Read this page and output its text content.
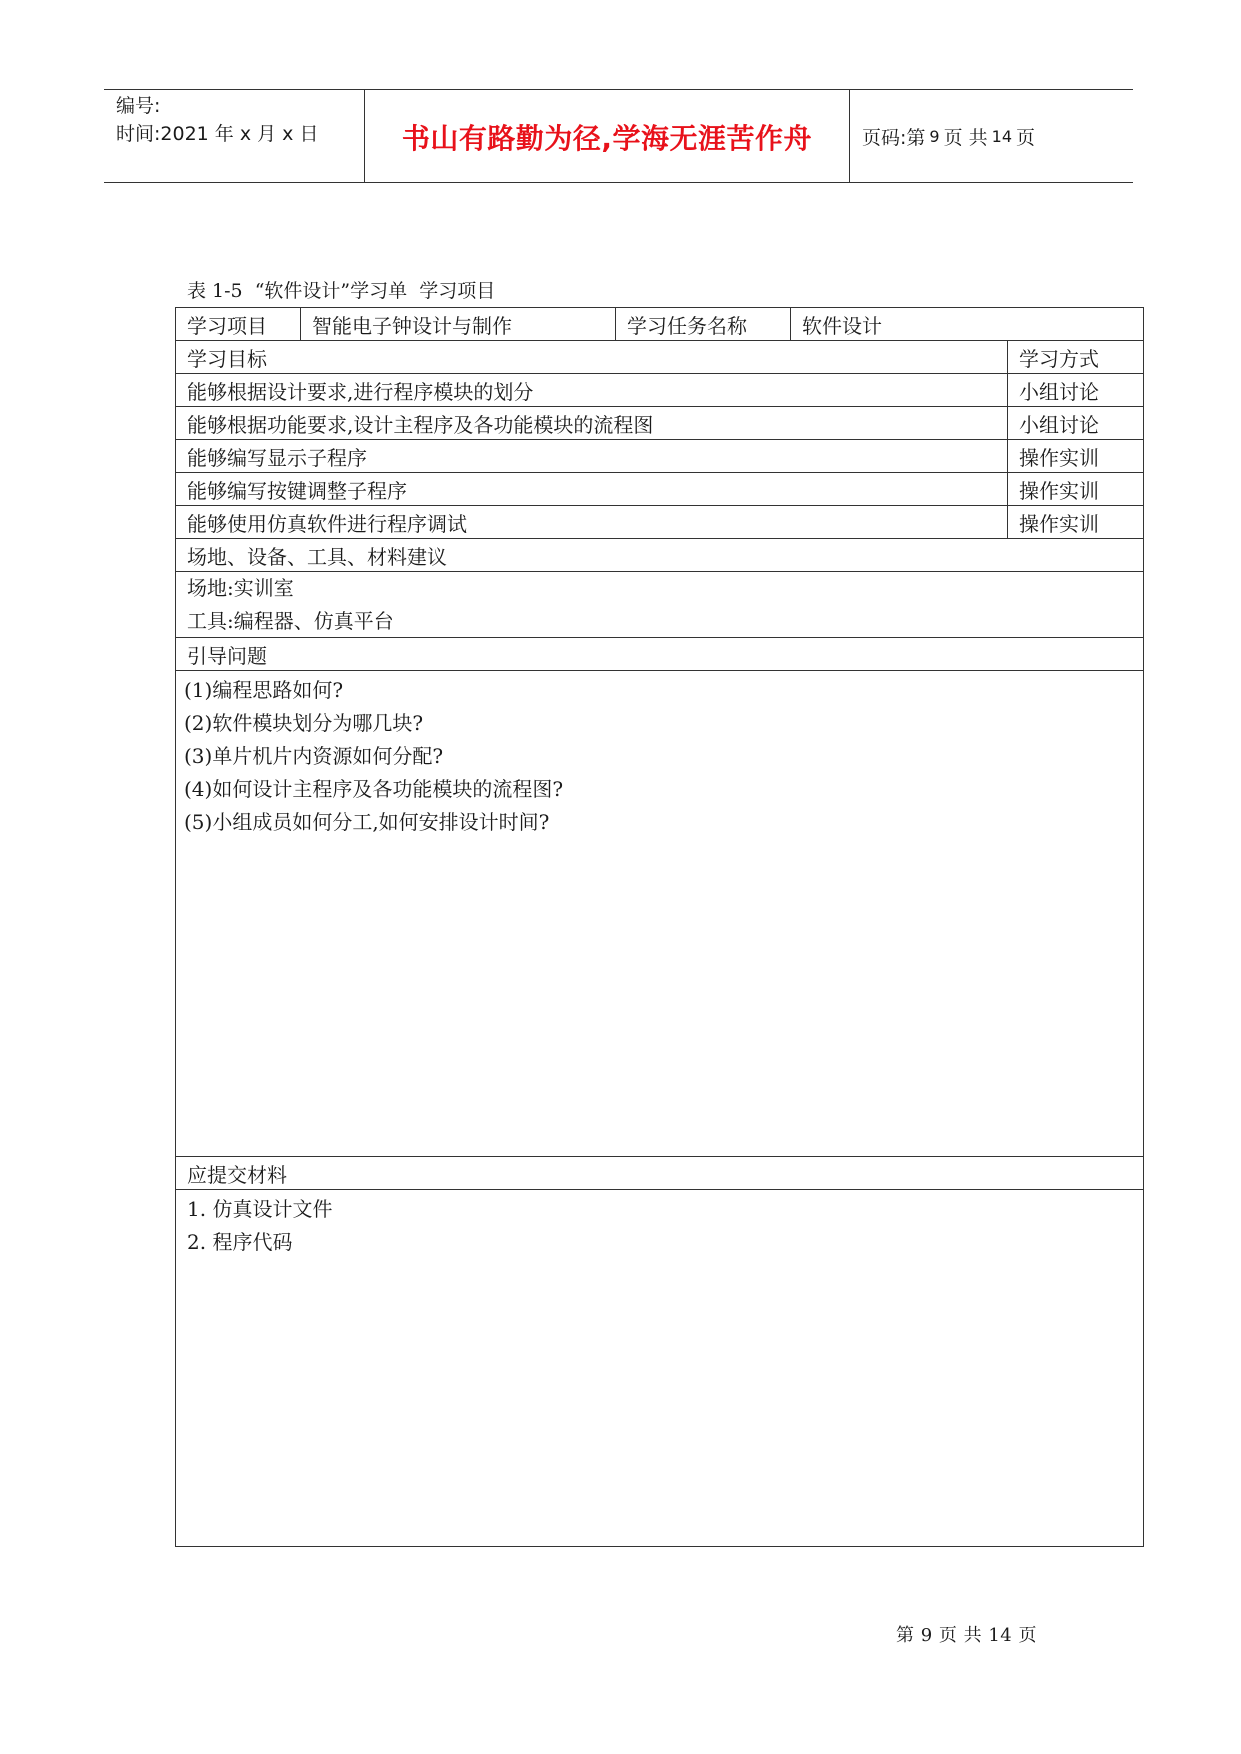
编号:
时间:2021 年 x 月 x 日	书山有路勤为径,学海无涯苦作舟	页码:第 9 页 共 14 页
表 1-5  “软件设计”学习单  学习项目
学习项目	智能电子钟设计与制作	学习任务名称	软件设计
学习目标	学习方式
能够根据设计要求,进行程序模块的划分	小组讨论
能够根据功能要求,设计主程序及各功能模块的流程图	小组讨论
能够编写显示子程序	操作实训
能够编写按键调整子程序	操作实训
能够使用仿真软件进行程序调试	操作实训
场地、设备、工具、材料建议
场地:实训室
工具:编程器、仿真平台
引导问题
(1)编程思路如何?
(2)软件模块划分为哪几块?
(3)单片机片内资源如何分配?
(4)如何设计主程序及各功能模块的流程图?
(5)小组成员如何分工,如何安排设计时间?
应提交材料
1. 仿真设计文件
2. 程序代码
第 9 页 共 14 页
